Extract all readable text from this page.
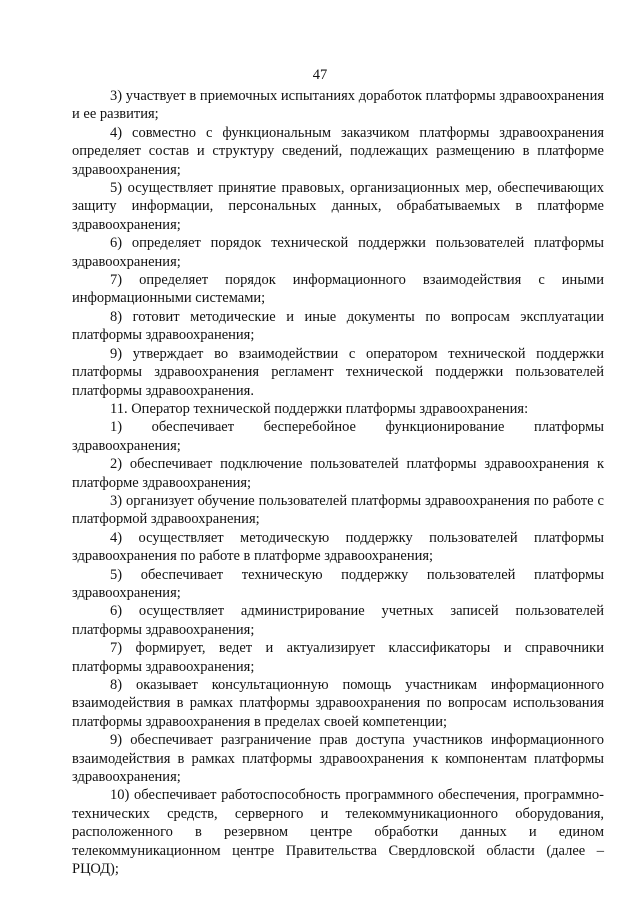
47

3) участвует в приемочных испытаниях доработок платформы здравоохранения и ее развития;

4) совместно с функциональным заказчиком платформы здравоохранения определяет состав и структуру сведений, подлежащих размещению в платформе здравоохранения;

5) осуществляет принятие правовых, организационных мер, обеспечивающих защиту информации, персональных данных, обрабатываемых в платформе здравоохранения;

6) определяет порядок технической поддержки пользователей платформы здравоохранения;

7) определяет порядок информационного взаимодействия с иными информационными системами;

8) готовит методические и иные документы по вопросам эксплуатации платформы здравоохранения;

9) утверждает во взаимодействии с оператором технической поддержки платформы здравоохранения регламент технической поддержки пользователей платформы здравоохранения.

11. Оператор технической поддержки платформы здравоохранения:

1) обеспечивает бесперебойное функционирование платформы здравоохранения;

2) обеспечивает подключение пользователей платформы здравоохранения к платформе здравоохранения;

3) организует обучение пользователей платформы здравоохранения по работе с платформой здравоохранения;

4) осуществляет методическую поддержку пользователей платформы здравоохранения по работе в платформе здравоохранения;

5) обеспечивает техническую поддержку пользователей платформы здравоохранения;

6) осуществляет администрирование учетных записей пользователей платформы здравоохранения;

7) формирует, ведет и актуализирует классификаторы и справочники платформы здравоохранения;

8) оказывает консультационную помощь участникам информационного взаимодействия в рамках платформы здравоохранения по вопросам использования платформы здравоохранения в пределах своей компетенции;

9) обеспечивает разграничение прав доступа участников информационного взаимодействия в рамках платформы здравоохранения к компонентам платформы здравоохранения;

10) обеспечивает работоспособность программного обеспечения, программно-технических средств, серверного и телекоммуникационного оборудования, расположенного в резервном центре обработки данных и едином телекоммуникационном центре Правительства Свердловской области (далее – РЦОД);
